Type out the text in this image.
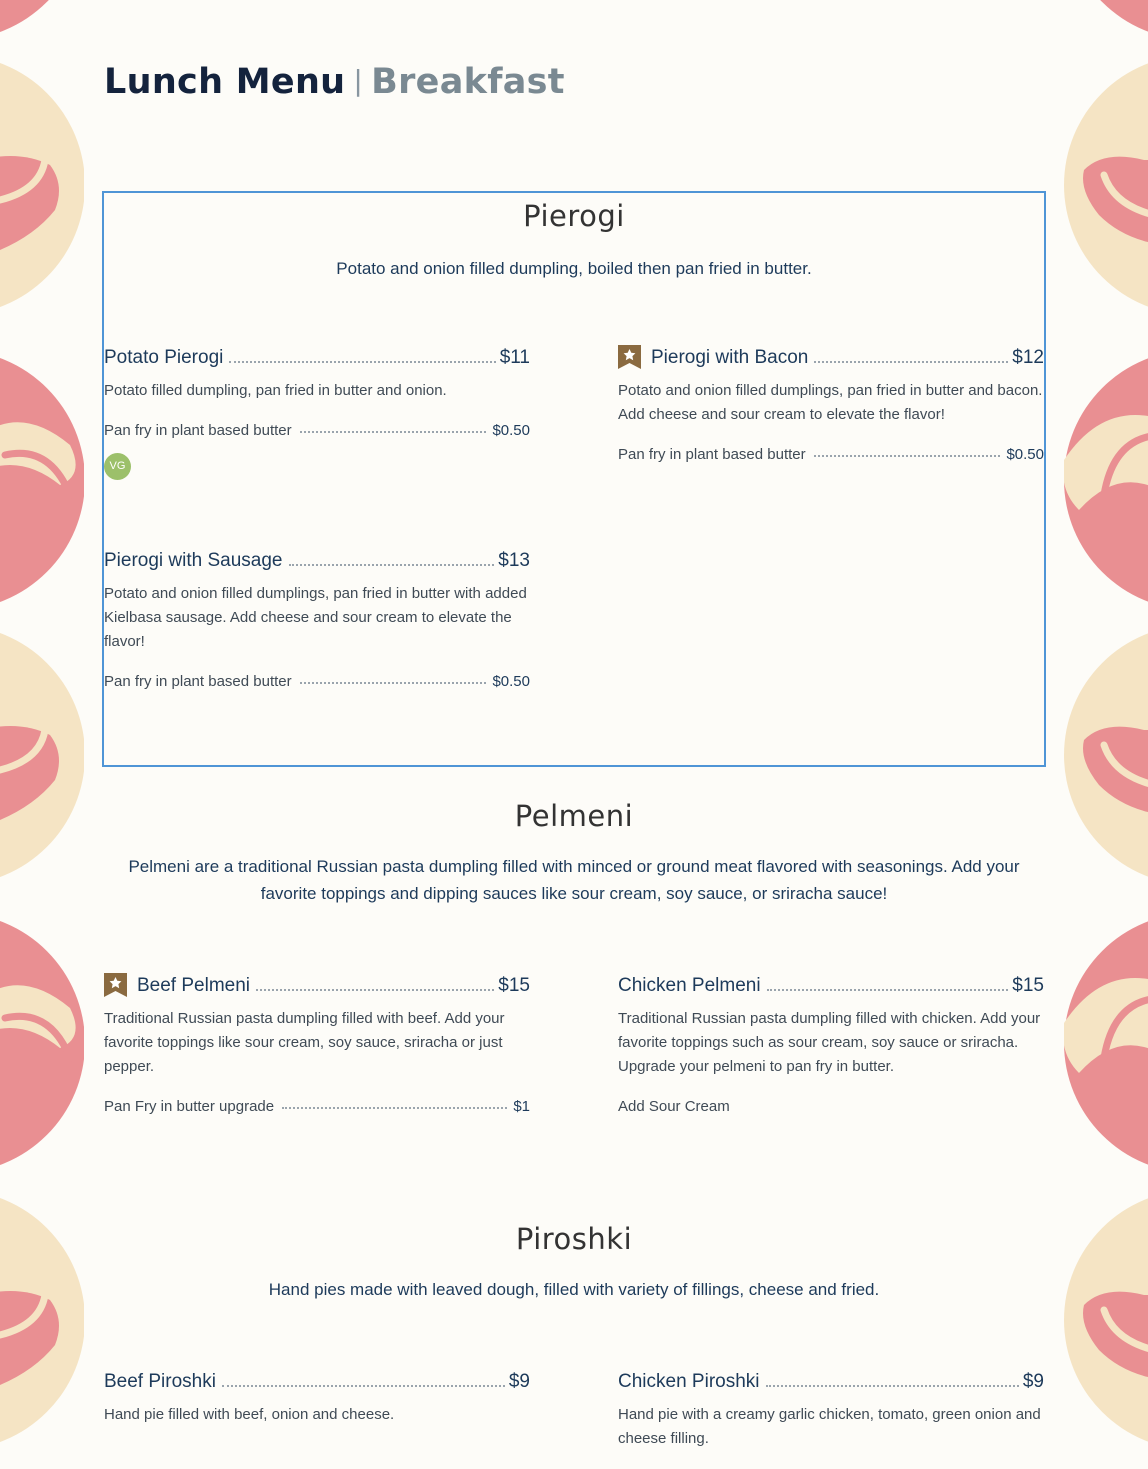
Lunch Menu | Breakfast
Pierogi
Potato and onion filled dumpling, boiled then pan fried in butter.
Potato Pierogi	$11
Potato filled dumpling, pan fried in butter and onion.
Pan fry in plant based butter	$0.50
VG
Pierogi with Bacon	$12
Potato and onion filled dumplings, pan fried in butter and bacon. Add cheese and sour cream to elevate the flavor!
Pan fry in plant based butter	$0.50
Pierogi with Sausage	$13
Potato and onion filled dumplings, pan fried in butter with added Kielbasa sausage. Add cheese and sour cream to elevate the flavor!
Pan fry in plant based butter	$0.50
Pelmeni
Pelmeni are a traditional Russian pasta dumpling filled with minced or ground meat flavored with seasonings. Add your favorite toppings and dipping sauces like sour cream, soy sauce, or sriracha sauce!
Beef Pelmeni	$15
Traditional Russian pasta dumpling filled with beef. Add your favorite toppings like sour cream, soy sauce, sriracha or just pepper.
Pan Fry in butter upgrade	$1
Chicken Pelmeni	$15
Traditional Russian pasta dumpling filled with chicken. Add your favorite toppings such as sour cream, soy sauce or sriracha. Upgrade your pelmeni to pan fry in butter.
Add Sour Cream
Piroshki
Hand pies made with leaved dough, filled with variety of fillings, cheese and fried.
Beef Piroshki	$9
Hand pie filled with beef, onion and cheese.
Chicken Piroshki	$9
Hand pie with a creamy garlic chicken, tomato, green onion and cheese filling.
